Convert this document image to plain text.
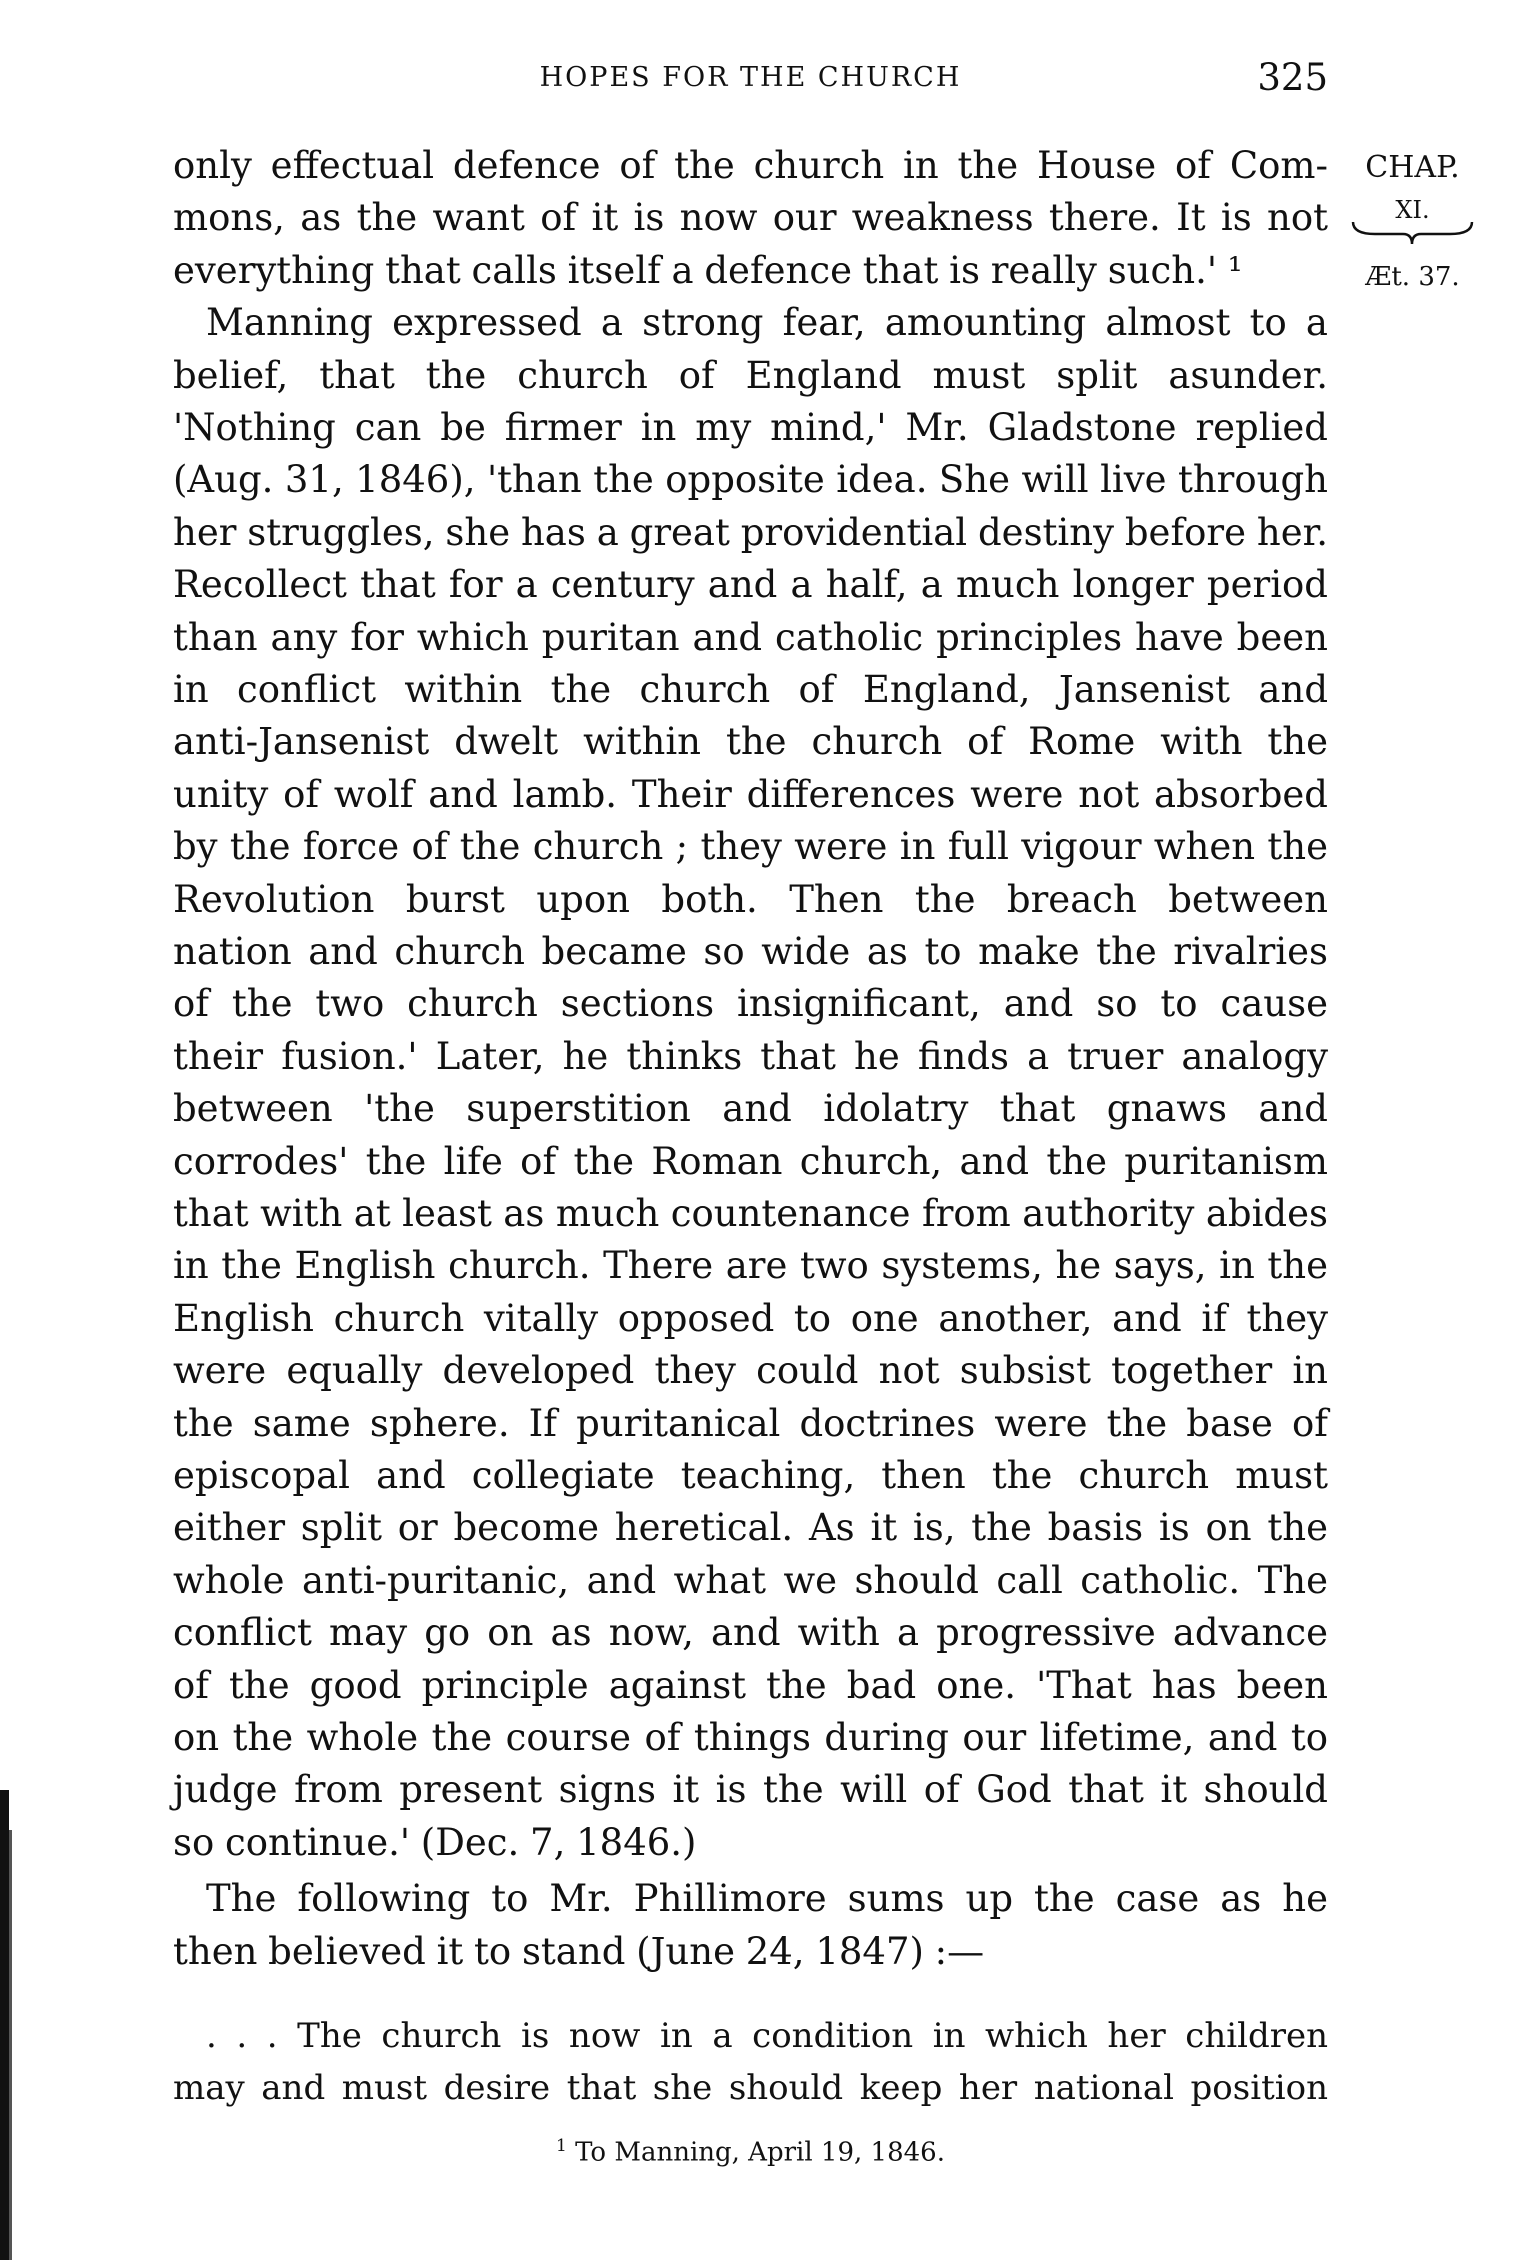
HOPES FOR THE CHURCH	325
CHAP.
XI.
Æt. 37.
only effectual defence of the church in the House of Com-
mons, as the want of it is now our weakness there. It is not
everything that calls itself a defence that is really such.' ¹
Manning expressed a strong fear, amounting almost to a
belief, that the church of England must split asunder.
'Nothing can be firmer in my mind,' Mr. Gladstone replied
(Aug. 31, 1846), 'than the opposite idea. She will live through
her struggles, she has a great providential destiny before her.
Recollect that for a century and a half, a much longer period
than any for which puritan and catholic principles have been
in conflict within the church of England, Jansenist and
anti-Jansenist dwelt within the church of Rome with the
unity of wolf and lamb. Their differences were not absorbed
by the force of the church ; they were in full vigour when the
Revolution burst upon both. Then the breach between
nation and church became so wide as to make the rivalries
of the two church sections insignificant, and so to cause
their fusion.' Later, he thinks that he finds a truer analogy
between 'the superstition and idolatry that gnaws and
corrodes' the life of the Roman church, and the puritanism
that with at least as much countenance from authority abides
in the English church. There are two systems, he says, in the
English church vitally opposed to one another, and if they
were equally developed they could not subsist together in
the same sphere. If puritanical doctrines were the base of
episcopal and collegiate teaching, then the church must
either split or become heretical. As it is, the basis is on the
whole anti-puritanic, and what we should call catholic. The
conflict may go on as now, and with a progressive advance
of the good principle against the bad one. 'That has been
on the whole the course of things during our lifetime, and to
judge from present signs it is the will of God that it should
so continue.' (Dec. 7, 1846.)
The following to Mr. Phillimore sums up the case as he
then believed it to stand (June 24, 1847) :—
. . . The church is now in a condition in which her children
may and must desire that she should keep her national position
$^1$ To Manning, April 19, 1846.
